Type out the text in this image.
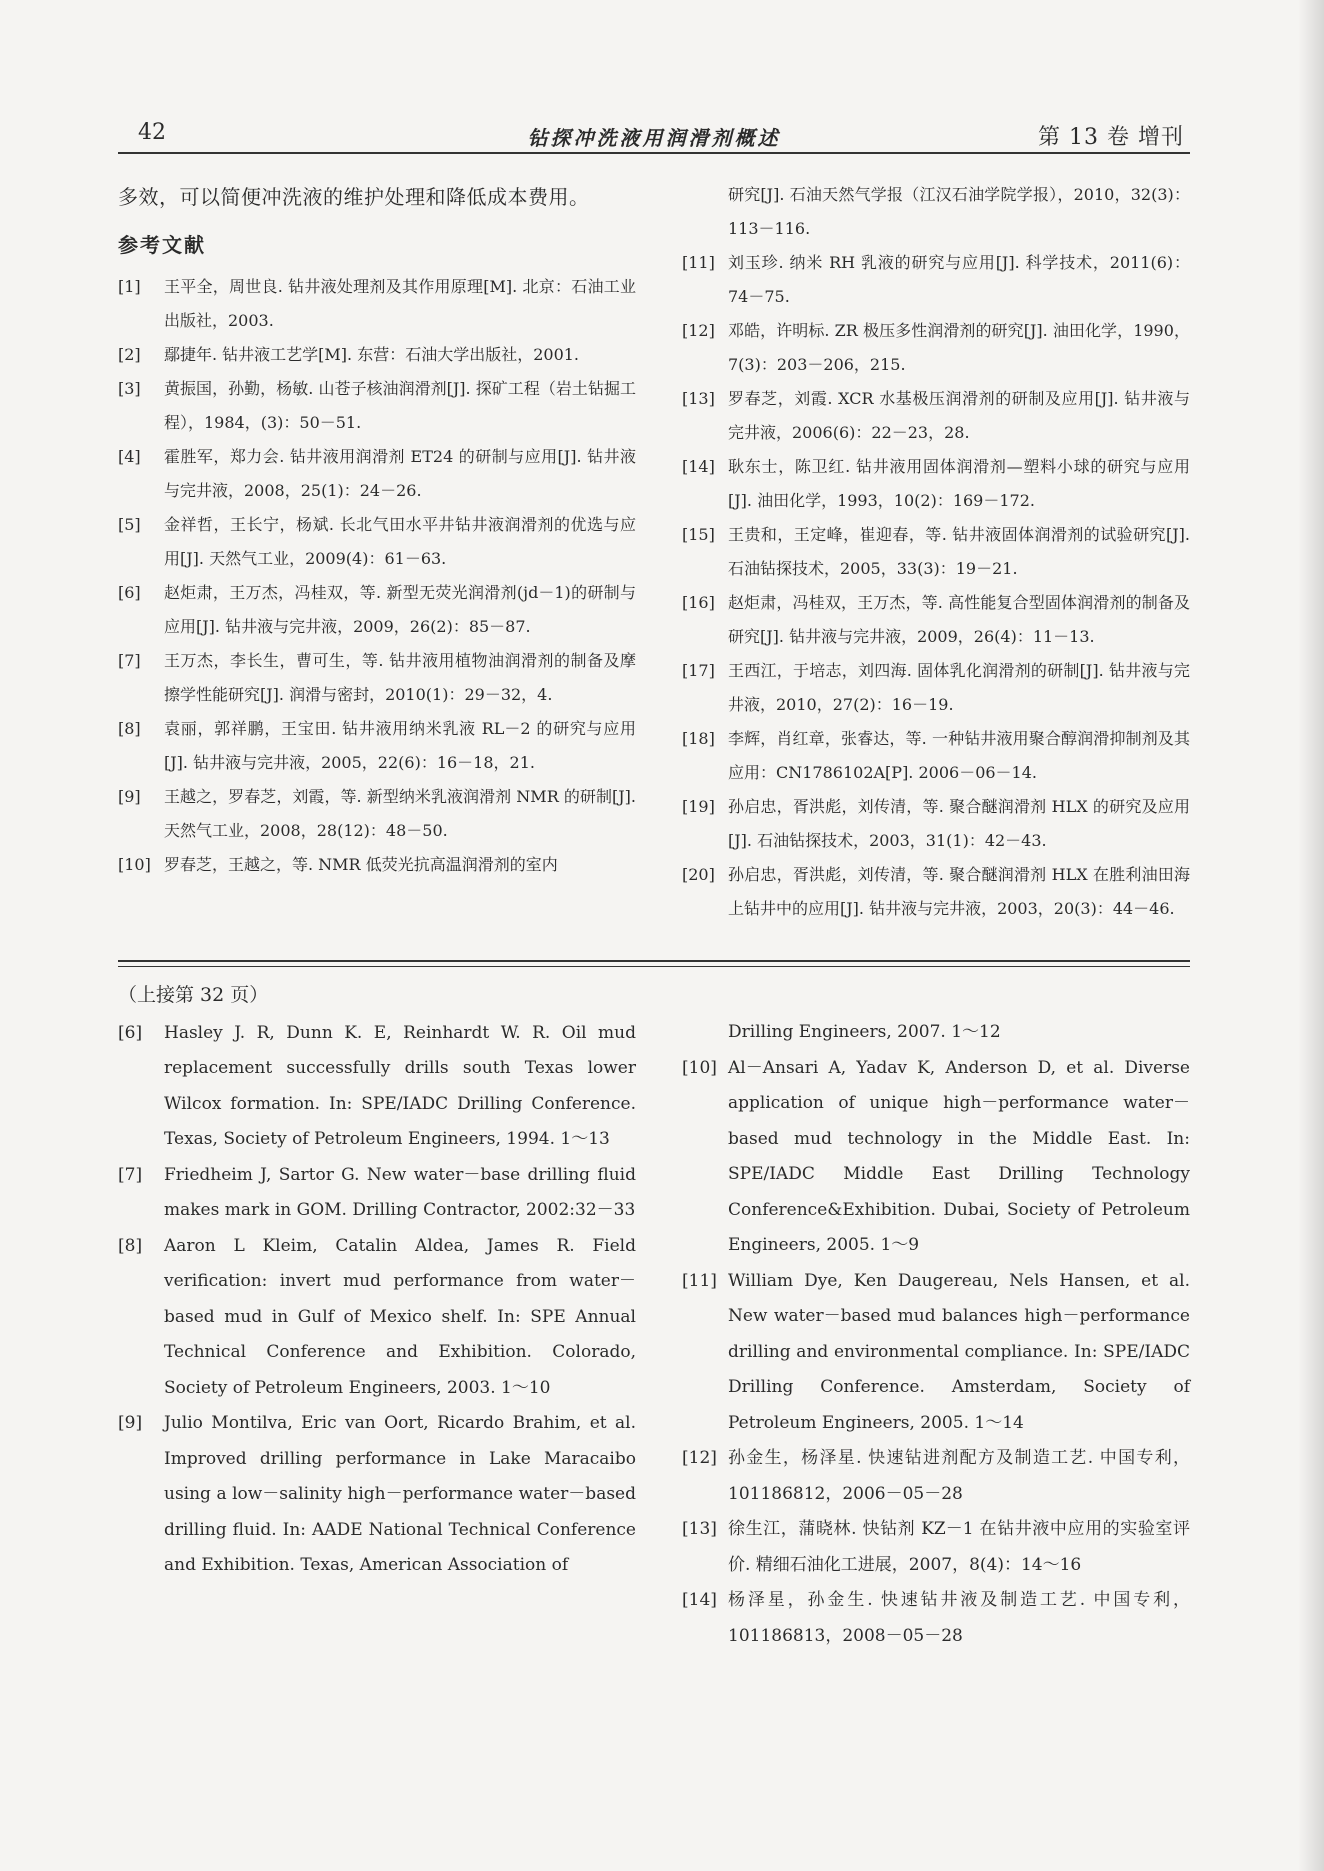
42	钻探冲洗液用润滑剂概述	第 13 卷 增刊
多效，可以简便冲洗液的维护处理和降低成本费用。
参考文献
[1]	王平全，周世良. 钻井液处理剂及其作用原理[M]. 北京：石油工业出版社，2003.
[2]	鄢捷年. 钻井液工艺学[M]. 东营：石油大学出版社，2001.
[3]	黄振国，孙勤，杨敏. 山苍子核油润滑剂[J]. 探矿工程（岩土钻掘工程），1984，(3)：50－51.
[4]	霍胜军，郑力会. 钻井液用润滑剂 ET24 的研制与应用[J]. 钻井液与完井液，2008，25(1)：24－26.
[5]	金祥哲，王长宁，杨斌. 长北气田水平井钻井液润滑剂的优选与应用[J]. 天然气工业，2009(4)：61－63.
[6]	赵炬肃，王万杰，冯桂双，等. 新型无荧光润滑剂(jd－1)的研制与应用[J]. 钻井液与完井液，2009，26(2)：85－87.
[7]	王万杰，李长生，曹可生，等. 钻井液用植物油润滑剂的制备及摩擦学性能研究[J]. 润滑与密封，2010(1)：29－32，4.
[8]	袁丽，郭祥鹏，王宝田. 钻井液用纳米乳液 RL－2 的研究与应用[J]. 钻井液与完井液，2005，22(6)：16－18，21.
[9]	王越之，罗春芝，刘霞，等. 新型纳米乳液润滑剂 NMR 的研制[J]. 天然气工业，2008，28(12)：48－50.
[10] 罗春芝，王越之，等. NMR 低荧光抗高温润滑剂的室内
研究[J]. 石油天然气学报（江汉石油学院学报），2010，32(3)：113－116.
[11] 刘玉珍. 纳米 RH 乳液的研究与应用[J]. 科学技术，2011(6)：74－75.
[12] 邓皓，许明标. ZR 极压多性润滑剂的研究[J]. 油田化学，1990，7(3)：203－206，215.
[13] 罗春芝，刘霞. XCR 水基极压润滑剂的研制及应用[J]. 钻井液与完井液，2006(6)：22－23，28.
[14] 耿东士，陈卫红. 钻井液用固体润滑剂—塑料小球的研究与应用[J]. 油田化学，1993，10(2)：169－172.
[15] 王贵和，王定峰，崔迎春，等. 钻井液固体润滑剂的试验研究[J]. 石油钻探技术，2005，33(3)：19－21.
[16] 赵炬肃，冯桂双，王万杰，等. 高性能复合型固体润滑剂的制备及研究[J]. 钻井液与完井液，2009，26(4)：11－13.
[17] 王西江，于培志，刘四海. 固体乳化润滑剂的研制[J]. 钻井液与完井液，2010，27(2)：16－19.
[18] 李辉，肖红章，张睿达，等. 一种钻井液用聚合醇润滑抑制剂及其应用：CN1786102A[P]. 2006－06－14.
[19] 孙启忠，胥洪彪，刘传清，等. 聚合醚润滑剂 HLX 的研究及应用[J]. 石油钻探技术，2003，31(1)：42－43.
[20] 孙启忠，胥洪彪，刘传清，等. 聚合醚润滑剂 HLX 在胜利油田海上钻井中的应用[J]. 钻井液与完井液，2003，20(3)：44－46.
（上接第 32 页）
[6]	Hasley J. R, Dunn K. E, Reinhardt W. R. Oil mud replacement successfully drills south Texas lower Wilcox formation. In: SPE/IADC Drilling Conference. Texas, Society of Petroleum Engineers, 1994. 1～13
[7]	Friedheim J, Sartor G. New water－base drilling fluid makes mark in GOM. Drilling Contractor, 2002:32－33
[8]	Aaron L Kleim, Catalin Aldea, James R. Field verification: invert mud performance from water－based mud in Gulf of Mexico shelf. In: SPE Annual Technical Conference and Exhibition. Colorado, Society of Petroleum Engineers, 2003. 1～10
[9]	Julio Montilva, Eric van Oort, Ricardo Brahim, et al. Improved drilling performance in Lake Maracaibo using a low－salinity high－performance water－based drilling fluid. In: AADE National Technical Conference and Exhibition. Texas, American Association of
Drilling Engineers, 2007. 1～12
[10] Al－Ansari A, Yadav K, Anderson D, et al. Diverse application of unique high－performance water－based mud technology in the Middle East. In: SPE/IADC Middle East Drilling Technology Conference&Exhibition. Dubai, Society of Petroleum Engineers, 2005. 1～9
[11] William Dye, Ken Daugereau, Nels Hansen, et al. New water－based mud balances high－performance drilling and environmental compliance. In: SPE/IADC Drilling Conference. Amsterdam, Society of Petroleum Engineers, 2005. 1～14
[12] 孙金生，杨泽星. 快速钻进剂配方及制造工艺. 中国专利，101186812，2006－05－28
[13] 徐生江，蒲晓林. 快钻剂 KZ－1 在钻井液中应用的实验室评价. 精细石油化工进展，2007，8(4)：14～16
[14] 杨泽星，孙金生. 快速钻井液及制造工艺. 中国专利，101186813，2008－05－28
